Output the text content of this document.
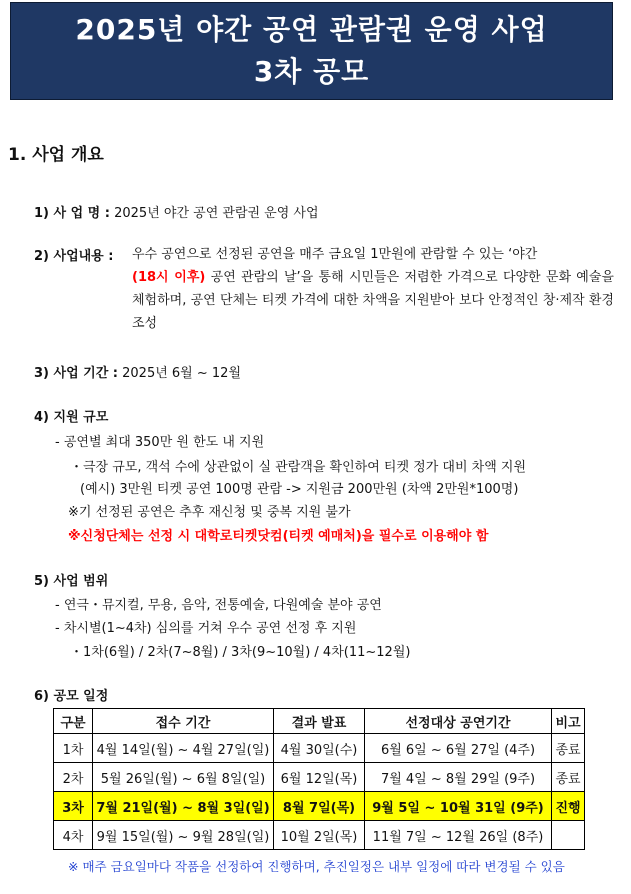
2025년 야간 공연 관람권 운영 사업
3차 공모
1. 사업 개요
1) 사 업 명 : 2025년 야간 공연 관람권 운영 사업
2) 사업내용 : 우수 공연으로 선정된 공연을 매주 금요일 1만원에 관람할 수 있는 ‘야간
(18시 이후) 공연 관람의 날’을 통해 시민들은 저렴한 가격으로 다양한 문화 예술을 체험하며, 공연 단체는 티켓 가격에 대한 차액을 지원받아 보다 안정적인 창·제작 환경 조성
3) 사업 기간 : 2025년 6월 ~ 12월
4) 지원 규모
- 공연별 최대 350만 원 한도 내 지원
・극장 규모, 객석 수에 상관없이 실 관람객을 확인하여 티켓 정가 대비 차액 지원
(예시) 3만원 티켓 공연 100명 관람 -> 지원금 200만원 (차액 2만원*100명)
※기 선정된 공연은 추후 재신청 및 중복 지원 불가
※신청단체는 선정 시 대학로티켓닷컴(티켓 예매처)을 필수로 이용해야 함
5) 사업 범위
- 연극・뮤지컬, 무용, 음악, 전통예술, 다원예술 분야 공연
- 차시별(1~4차) 심의를 거쳐 우수 공연 선정 후 지원
・1차(6월) / 2차(7~8월) / 3차(9~10월) / 4차(11~12월)
6) 공모 일정
구분	접수 기간	결과 발표	선정대상 공연기간	비고
1차	4월 14일(월) ~ 4월 27일(일)	4월 30일(수)	6월 6일 ~ 6월 27일 (4주)	종료
2차	5월 26일(월) ~ 6월 8일(일)	6월 12일(목)	7월 4일 ~ 8월 29일 (9주)	종료
3차	7월 21일(월) ~ 8월 3일(일)	8월 7일(목)	9월 5일 ~ 10월 31일 (9주)	진행
4차	9월 15일(월) ~ 9월 28일(일)	10월 2일(목)	11월 7일 ~ 12월 26일 (8주)	
※ 매주 금요일마다 작품을 선정하여 진행하며, 추진일정은 내부 일정에 따라 변경될 수 있음
